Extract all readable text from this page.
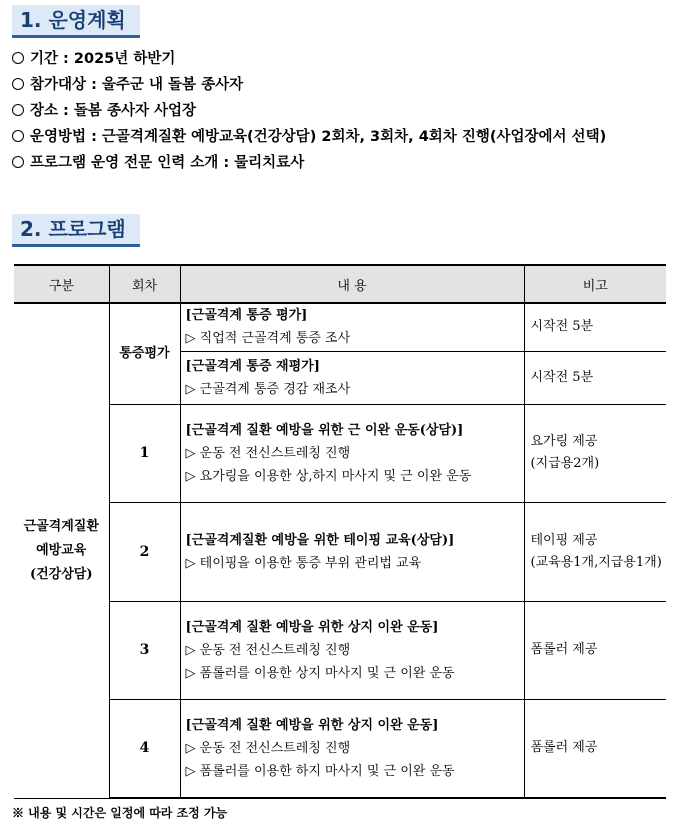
1. 운영계획
기간 : 2025년 하반기
참가대상 : 울주군 내 돌봄 종사자
장소 : 돌봄 종사자 사업장
운영방법 : 근골격계질환 예방교육(건강상담) 2회차, 3회차, 4회차 진행(사업장에서 선택)
프로그램 운영 전문 인력 소개 : 물리치료사
2. 프로그램
구분	회차	내 용	비고

근골격계질환
예방교육
(건강상담)	통증평가	[근골격계 통증 평가]
▷ 직업적 근골격계 통증 조사	시작전 5분

		[근골격계 통증 재평가]
▷ 근골격계 통증 경감 재조사	시작전 5분

	1	[근골격계 질환 예방을 위한 근 이완 운동(상담)]
▷ 운동 전 전신스트레칭 진행
▷ 요가링을 이용한 상,하지 마사지 및 근 이완 운동	요가링 제공
(지급용2개)

	2	[근골격계질환 예방을 위한 테이핑 교육(상담)]
▷ 테이핑을 이용한 통증 부위 관리법 교육	테이핑 제공
(교육용1개,지급용1개)

	3	[근골격계 질환 예방을 위한 상지 이완 운동]
▷ 운동 전 전신스트레칭 진행
▷ 폼롤러를 이용한 상지 마사지 및 근 이완 운동	폼롤러 제공

	4	[근골격계 질환 예방을 위한 상지 이완 운동]
▷ 운동 전 전신스트레칭 진행
▷ 폼롤러를 이용한 하지 마사지 및 근 이완 운동	폼롤러 제공
※ 내용 및 시간은 일정에 따라 조정 가능
